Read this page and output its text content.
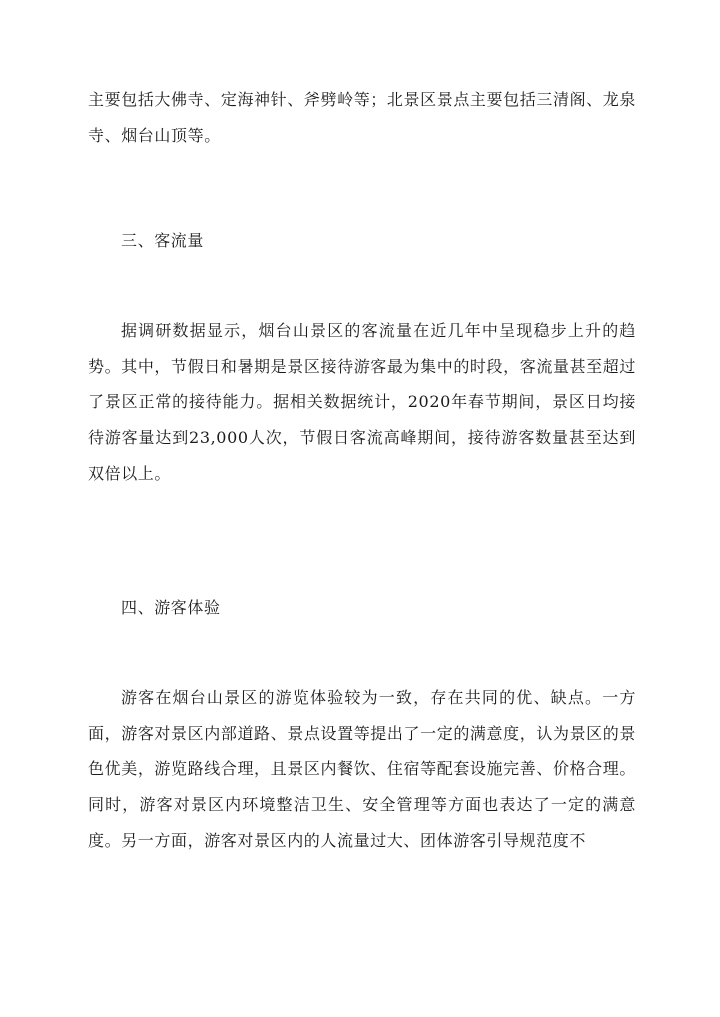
主要包括大佛寺、定海神针、斧劈岭等；北景区景点主要包括三清阁、龙泉寺、烟台山顶等。

三、客流量

据调研数据显示，烟台山景区的客流量在近几年中呈现稳步上升的趋势。其中，节假日和暑期是景区接待游客最为集中的时段，客流量甚至超过了景区正常的接待能力。据相关数据统计，2020年春节期间，景区日均接待游客量达到23,000人次，节假日客流高峰期间，接待游客数量甚至达到双倍以上。

四、游客体验

游客在烟台山景区的游览体验较为一致，存在共同的优、缺点。一方面，游客对景区内部道路、景点设置等提出了一定的满意度，认为景区的景色优美，游览路线合理，且景区内餐饮、住宿等配套设施完善、价格合理。同时，游客对景区内环境整洁卫生、安全管理等方面也表达了一定的满意度。另一方面，游客对景区内的人流量过大、团体游客引导规范度不
